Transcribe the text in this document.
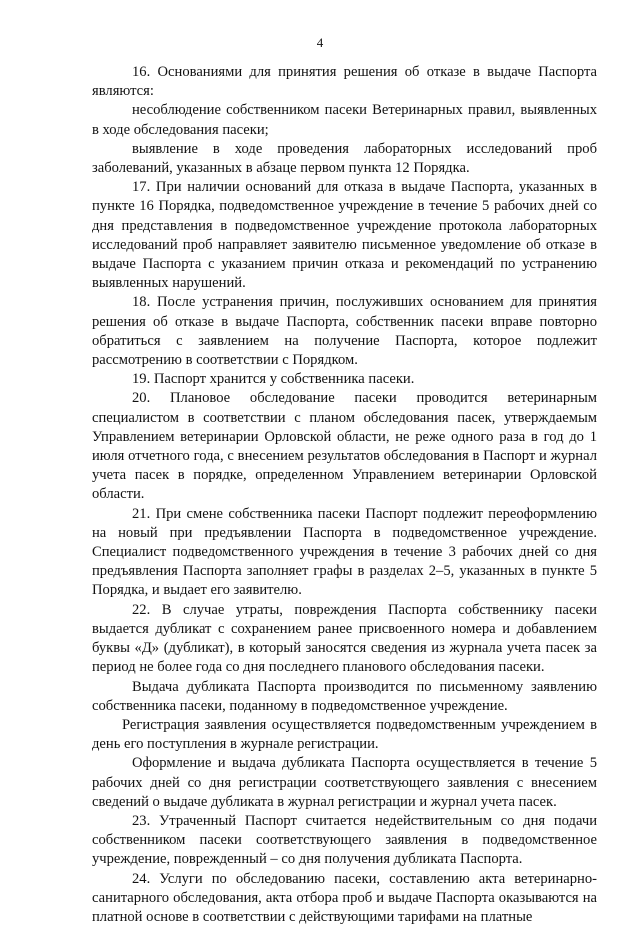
4

16. Основаниями для принятия решения об отказе в выдаче Паспорта являются:

несоблюдение собственником пасеки Ветеринарных правил, выявленных в ходе обследования пасеки;

выявление в ходе проведения лабораторных исследований проб заболеваний, указанных в абзаце первом пункта 12 Порядка.

17. При наличии оснований для отказа в выдаче Паспорта, указанных в пункте 16 Порядка, подведомственное учреждение в течение 5 рабочих дней со дня представления в подведомственное учреждение протокола лабораторных исследований проб направляет заявителю письменное уведомление об отказе в выдаче Паспорта с указанием причин отказа и рекомендаций по устранению выявленных нарушений.

18. После устранения причин, послуживших основанием для принятия решения об отказе в выдаче Паспорта, собственник пасеки вправе повторно обратиться с заявлением на получение Паспорта, которое подлежит рассмотрению в соответствии с Порядком.

19. Паспорт хранится у собственника пасеки.

20. Плановое обследование пасеки проводится ветеринарным специалистом в соответствии с планом обследования пасек, утверждаемым Управлением ветеринарии Орловской области, не реже одного раза в год до 1 июля отчетного года, с внесением результатов обследования в Паспорт и журнал учета пасек в порядке, определенном Управлением ветеринарии Орловской области.

21. При смене собственника пасеки Паспорт подлежит переоформлению на новый при предъявлении Паспорта в подведомственное учреждение. Специалист подведомственного учреждения в течение 3 рабочих дней со дня предъявления Паспорта заполняет графы в разделах 2–5, указанных в пункте 5 Порядка, и выдает его заявителю.

22. В случае утраты, повреждения Паспорта собственнику пасеки выдается дубликат с сохранением ранее присвоенного номера и добавлением буквы «Д» (дубликат), в который заносятся сведения из журнала учета пасек за период не более года со дня последнего планового обследования пасеки.

Выдача дубликата Паспорта производится по письменному заявлению собственника пасеки, поданному в подведомственное учреждение.

Регистрация заявления осуществляется подведомственным учреждением в день его поступления в журнале регистрации.

Оформление и выдача дубликата Паспорта осуществляется в течение 5 рабочих дней со дня регистрации соответствующего заявления с внесением сведений о выдаче дубликата в журнал регистрации и журнал учета пасек.

23. Утраченный Паспорт считается недействительным со дня подачи собственником пасеки соответствующего заявления в подведомственное учреждение, поврежденный – со дня получения дубликата Паспорта.

24. Услуги по обследованию пасеки, составлению акта ветеринарно-санитарного обследования, акта отбора проб и выдаче Паспорта оказываются на платной основе в соответствии с действующими тарифами на платные
